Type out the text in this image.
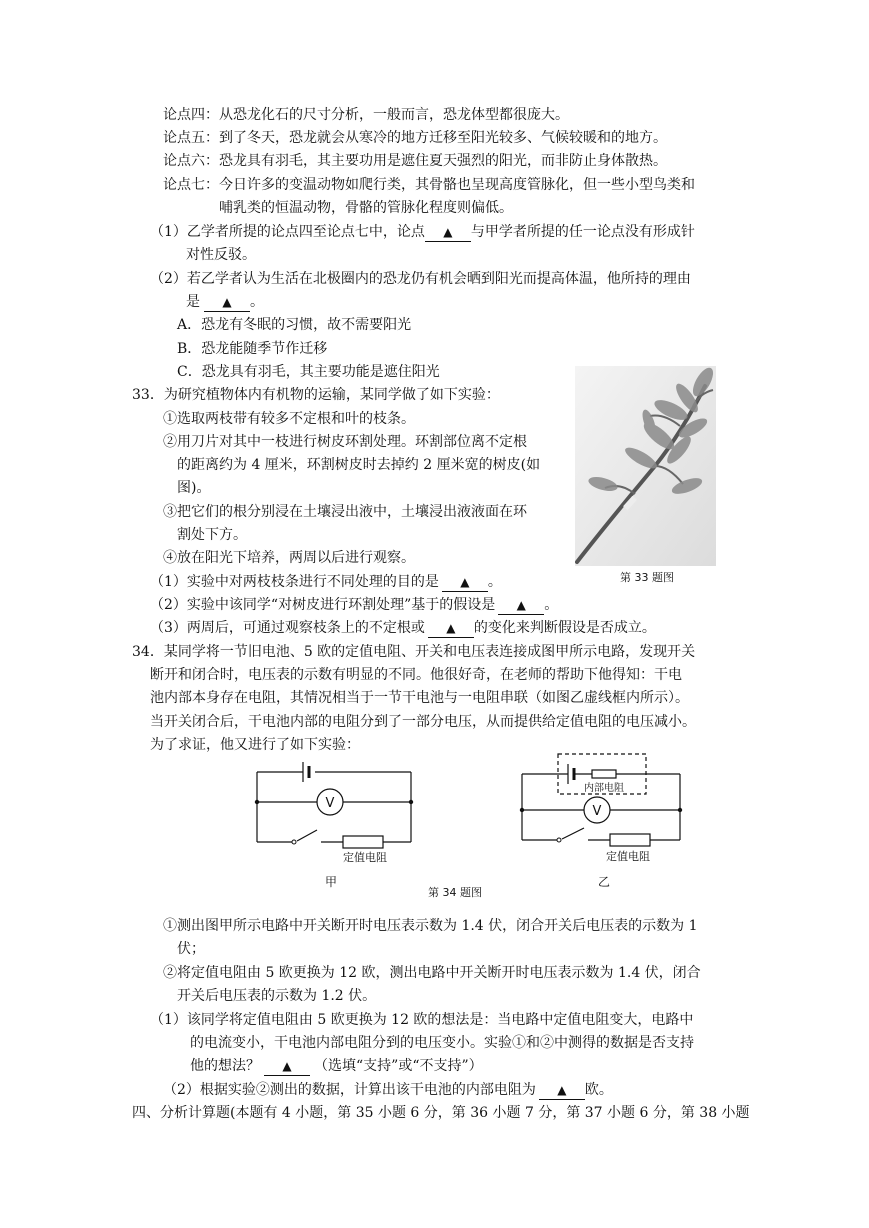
论点四：从恐龙化石的尺寸分析，一般而言，恐龙体型都很庞大。
论点五：到了冬天，恐龙就会从寒冷的地方迁移至阳光较多、气候较暖和的地方。
论点六：恐龙具有羽毛，其主要功用是遮住夏天强烈的阳光，而非防止身体散热。
论点七：今日许多的变温动物如爬行类，其骨骼也呈现高度管脉化，但一些小型鸟类和
哺乳类的恒温动物，骨骼的管脉化程度则偏低。
（1）乙学者所提的论点四至论点七中，论点 ▲ 与甲学者所提的任一论点没有形成针
对性反驳。
（2）若乙学者认为生活在北极圈内的恐龙仍有机会晒到阳光而提高体温，他所持的理由
是 ▲ 。
A．恐龙有冬眠的习惯，故不需要阳光
B．恐龙能随季节作迁移
C．恐龙具有羽毛，其主要功能是遮住阳光
33．为研究植物体内有机物的运输，某同学做了如下实验：
①选取两枝带有较多不定根和叶的枝条。
②用刀片对其中一枝进行树皮环割处理。环割部位离不定根
的距离约为 4 厘米，环割树皮时去掉约 2 厘米宽的树皮(如
图)。
③把它们的根分别浸在土壤浸出液中，土壤浸出液液面在环
割处下方。
④放在阳光下培养，两周以后进行观察。
（1）实验中对两枝枝条进行不同处理的目的是 ▲ 。
（2）实验中该同学“对树皮进行环割处理”基于的假设是 ▲ 。
（3）两周后，可通过观察枝条上的不定根或 ▲ 的变化来判断假设是否成立。
第 33 题图
34．某同学将一节旧电池、5 欧的定值电阻、开关和电压表连接成图甲所示电路，发现开关
断开和闭合时，电压表的示数有明显的不同。他很好奇，在老师的帮助下他得知：干电
池内部本身存在电阻，其情况相当于一节干电池与一电阻串联（如图乙虚线框内所示）。
当开关闭合后，干电池内部的电阻分到了一部分电压，从而提供给定值电阻的电压减小。
为了求证，他又进行了如下实验：
V
定值电阻
甲
第 34 题图
V
内部电阻
定值电阻
乙
①测出图甲所示电路中开关断开时电压表示数为 1.4 伏，闭合开关后电压表的示数为 1
伏；
②将定值电阻由 5 欧更换为 12 欧，测出电路中开关断开时电压表示数为 1.4 伏，闭合
开关后电压表的示数为 1.2 伏。
（1）该同学将定值电阻由 5 欧更换为 12 欧的想法是：当电路中定值电阻变大，电路中
的电流变小，干电池内部电阻分到的电压变小。实验①和②中测得的数据是否支持
他的想法？ ▲ （选填“支持”或“不支持”）
（2）根据实验②测出的数据，计算出该干电池的内部电阻为 ▲ 欧。
四、分析计算题(本题有 4 小题，第 35 小题 6 分，第 36 小题 7 分，第 37 小题 6 分，第 38 小题
